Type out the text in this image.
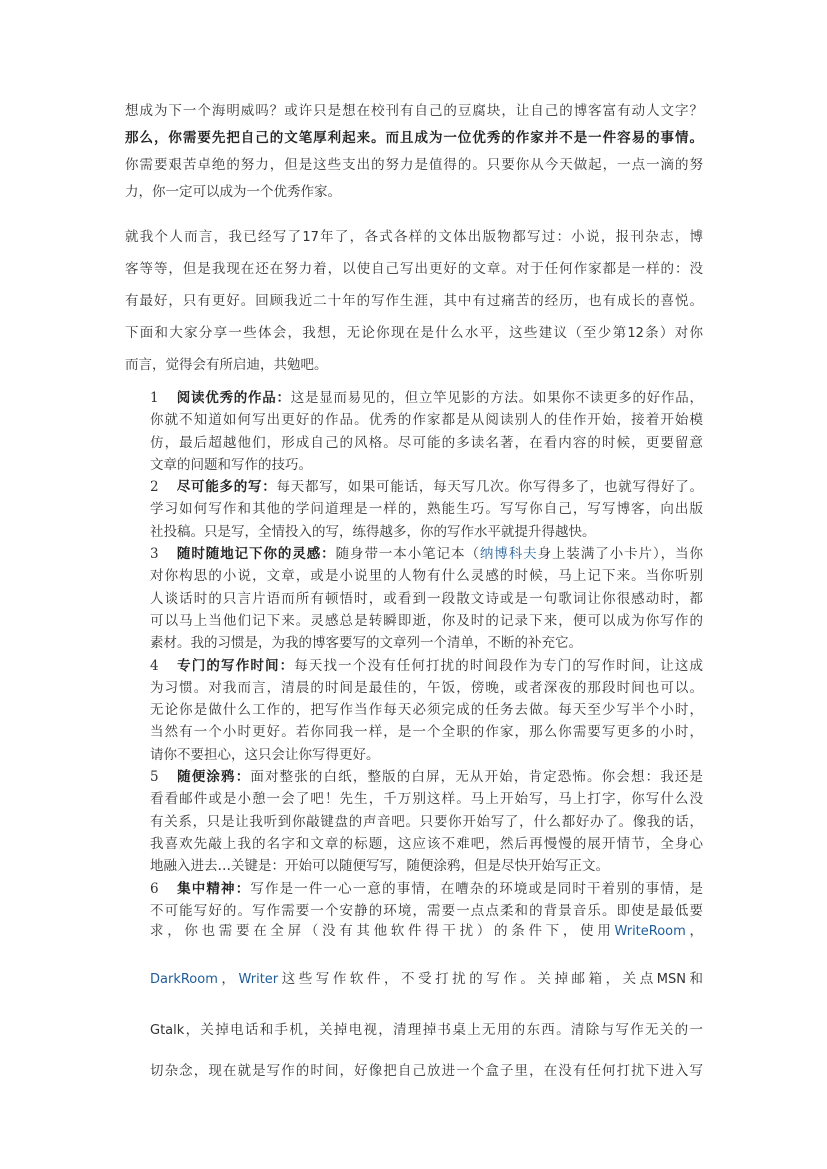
想成为下一个海明威吗？或许只是想在校刊有自己的豆腐块，让自己的博客富有动人文字？
那么，你需要先把自己的文笔厚利起来。而且成为一位优秀的作家并不是一件容易的事情。
你需要艰苦卓绝的努力，但是这些支出的努力是值得的。只要你从今天做起，一点一滴的努
力，你一定可以成为一个优秀作家。
就我个人而言，我已经写了17年了，各式各样的文体出版物都写过：小说，报刊杂志，博
客等等，但是我现在还在努力着，以使自己写出更好的文章。对于任何作家都是一样的：没
有最好，只有更好。回顾我近二十年的写作生涯，其中有过痛苦的经历，也有成长的喜悦。
下面和大家分享一些体会，我想，无论你现在是什么水平，这些建议（至少第12条）对你
而言，觉得会有所启迪，共勉吧。
1 阅读优秀的作品：这是显而易见的，但立竿见影的方法。如果你不读更多的好作品，
你就不知道如何写出更好的作品。优秀的作家都是从阅读别人的佳作开始，接着开始模
仿，最后超越他们，形成自己的风格。尽可能的多读名著，在看内容的时候，更要留意
文章的问题和写作的技巧。
2 尽可能多的写：每天都写，如果可能话，每天写几次。你写得多了，也就写得好了。
学习如何写作和其他的学问道理是一样的，熟能生巧。写写你自己，写写博客，向出版
社投稿。只是写，全情投入的写，练得越多，你的写作水平就提升得越快。
3 随时随地记下你的灵感：随身带一本小笔记本（纳博科夫身上装满了小卡片），当你
对你构思的小说，文章，或是小说里的人物有什么灵感的时候，马上记下来。当你听别
人谈话时的只言片语而所有顿悟时，或看到一段散文诗或是一句歌词让你很感动时，都
可以马上当他们记下来。灵感总是转瞬即逝，你及时的记录下来，便可以成为你写作的
素材。我的习惯是，为我的博客要写的文章列一个清单，不断的补充它。
4 专门的写作时间：每天找一个没有任何打扰的时间段作为专门的写作时间，让这成
为习惯。对我而言，清晨的时间是最佳的，午饭，傍晚，或者深夜的那段时间也可以。
无论你是做什么工作的，把写作当作每天必须完成的任务去做。每天至少写半个小时，
当然有一个小时更好。若你同我一样，是一个全职的作家，那么你需要写更多的小时，
请你不要担心，这只会让你写得更好。
5 随便涂鸦：面对整张的白纸，整版的白屏，无从开始，肯定恐怖。你会想：我还是
看看邮件或是小憩一会了吧！先生，千万别这样。马上开始写，马上打字，你写什么没
有关系，只是让我听到你敲键盘的声音吧。只要你开始写了，什么都好办了。像我的话，
我喜欢先敲上我的名字和文章的标题，这应该不难吧，然后再慢慢的展开情节，全身心
地融入进去…关键是：开始可以随便写写，随便涂鸦，但是尽快开始写正文。
6 集中精神：写作是一件一心一意的事情，在嘈杂的环境或是同时干着别的事情，是
不可能写好的。写作需要一个安静的环境，需要一点点柔和的背景音乐。即使是最低要
求，你也需要在全屏（没有其他软件得干扰）的条件下，使用WriteRoom，
DarkRoom，Writer这些写作软件，不受打扰的写作。关掉邮箱，关点MSN和
Gtalk，关掉电话和手机，关掉电视，清理掉书桌上无用的东西。清除与写作无关的一
切杂念，现在就是写作的时间，好像把自己放进一个盒子里，在没有任何打扰下进入写
